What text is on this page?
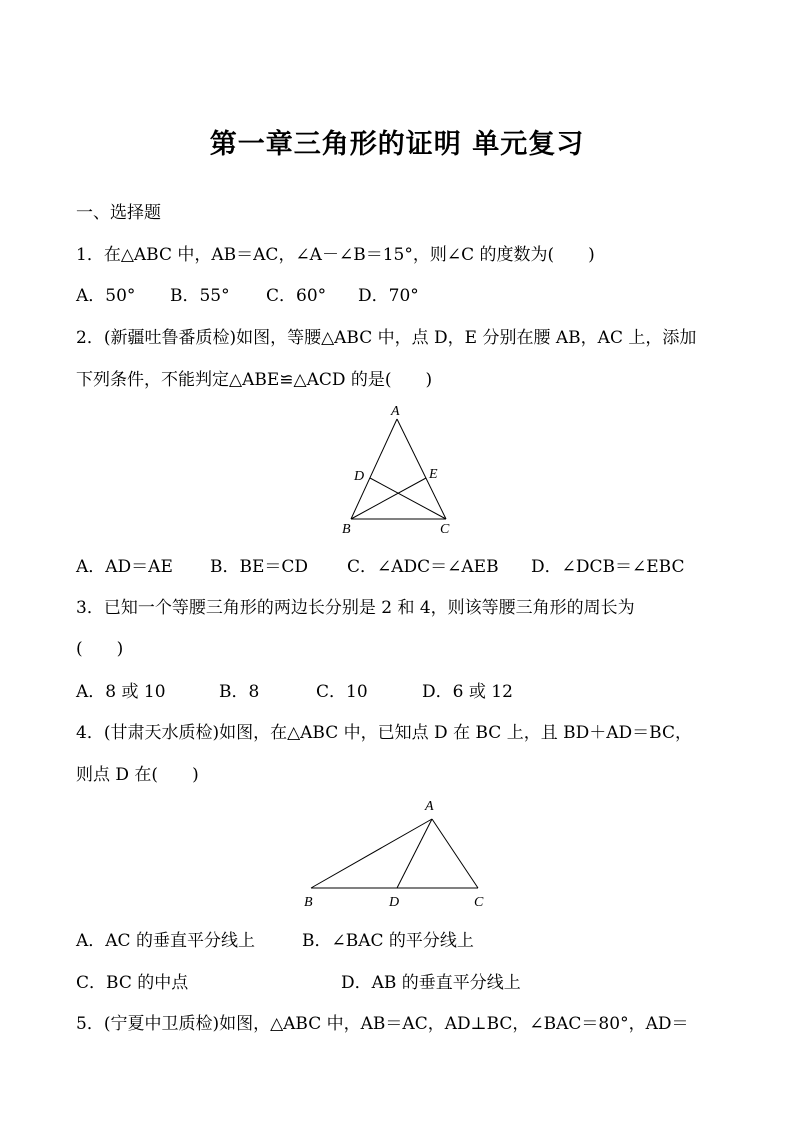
第一章三角形的证明 单元复习
一、选择题
1．在△ABC 中，AB＝AC，∠A－∠B＝15°，则∠C 的度数为(　　)
A．50° B．55° C．60° D．70°
2．(新疆吐鲁番质检)如图，等腰△ABC 中，点 D，E 分别在腰 AB，AC 上，添加
下列条件，不能判定△ABE≌△ACD 的是(　　)
A
D	E
B	C
A．AD＝AE B．BE＝CD C．∠ADC＝∠AEB D．∠DCB＝∠EBC
3．已知一个等腰三角形的两边长分别是 2 和 4，则该等腰三角形的周长为
(　　)
A．8 或 10	B．8	C．10	D．6 或 12
4．(甘肃天水质检)如图，在△ABC 中，已知点 D 在 BC 上，且 BD＋AD＝BC，
则点 D 在(　　)
A
B	D	C
A．AC 的垂直平分线上	B．∠BAC 的平分线上
C．BC 的中点	D．AB 的垂直平分线上
5．(宁夏中卫质检)如图，△ABC 中，AB＝AC，AD⊥BC，∠BAC＝80°，AD＝
